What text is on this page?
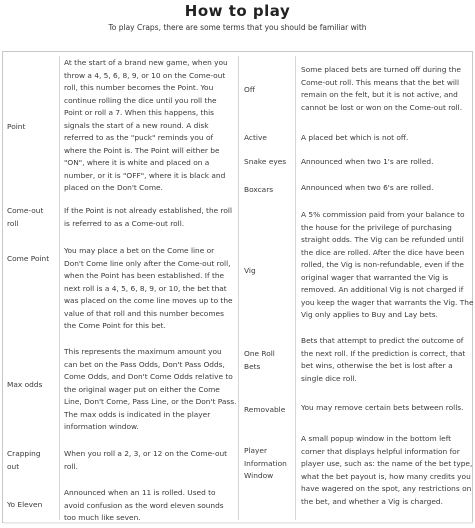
How to play
To play Craps, there are some terms that you should be familiar with
Point
At the start of a brand new game, when you
throw a 4, 5, 6, 8, 9, or 10 on the Come-out
roll, this number becomes the Point. You
continue rolling the dice until you roll the
Point or roll a 7. When this happens, this
signals the start of a new round. A disk
referred to as the "puck" reminds you of
where the Point is. The Point will either be
"ON", where it is white and placed on a
number, or it is "OFF", where it is black and
placed on the Don't Come.
Come-out
roll
If the Point is not already established, the roll
is referred to as a Come-out roll.
Come Point
You may place a bet on the Come line or
Don't Come line only after the Come-out roll,
when the Point has been established. If the
next roll is a 4, 5, 6, 8, 9, or 10, the bet that
was placed on the come line moves up to the
value of that roll and this number becomes
the Come Point for this bet.
Max odds
This represents the maximum amount you
can bet on the Pass Odds, Don't Pass Odds,
Come Odds, and Don't Come Odds relative to
the original wager put on either the Come
Line, Don't Come, Pass Line, or the Don't Pass.
The max odds is indicated in the player
information window.
Crapping
out
When you roll a 2, 3, or 12 on the Come-out
roll.
Yo Eleven
Announced when an 11 is rolled. Used to
avoid confusion as the word eleven sounds
too much like seven.
Off
Some placed bets are turned off during the
Come-out roll. This means that the bet will
remain on the felt, but it is not active, and
cannot be lost or won on the Come-out roll.
Active	A placed bet which is not off.
Snake eyes Announced when two 1's are rolled.
Boxcars	Announced when two 6's are rolled.
Vig
A 5% commission paid from your balance to
the house for the privilege of purchasing
straight odds. The Vig can be refunded until
the dice are rolled. After the dice have been
rolled, the Vig is non-refundable, even if the
original wager that warranted the Vig is
removed. An additional Vig is not charged if
you keep the wager that warrants the Vig. The
Vig only applies to Buy and Lay bets.
One Roll
Bets
Bets that attempt to predict the outcome of
the next roll. If the prediction is correct, that
bet wins, otherwise the bet is lost after a
single dice roll.
Removable You may remove certain bets between rolls.
Player
Information
Window
A small popup window in the bottom left
corner that displays helpful information for
player use, such as: the name of the bet type,
what the bet payout is, how many credits you
have wagered on the spot, any restrictions on
the bet, and whether a Vig is charged.
